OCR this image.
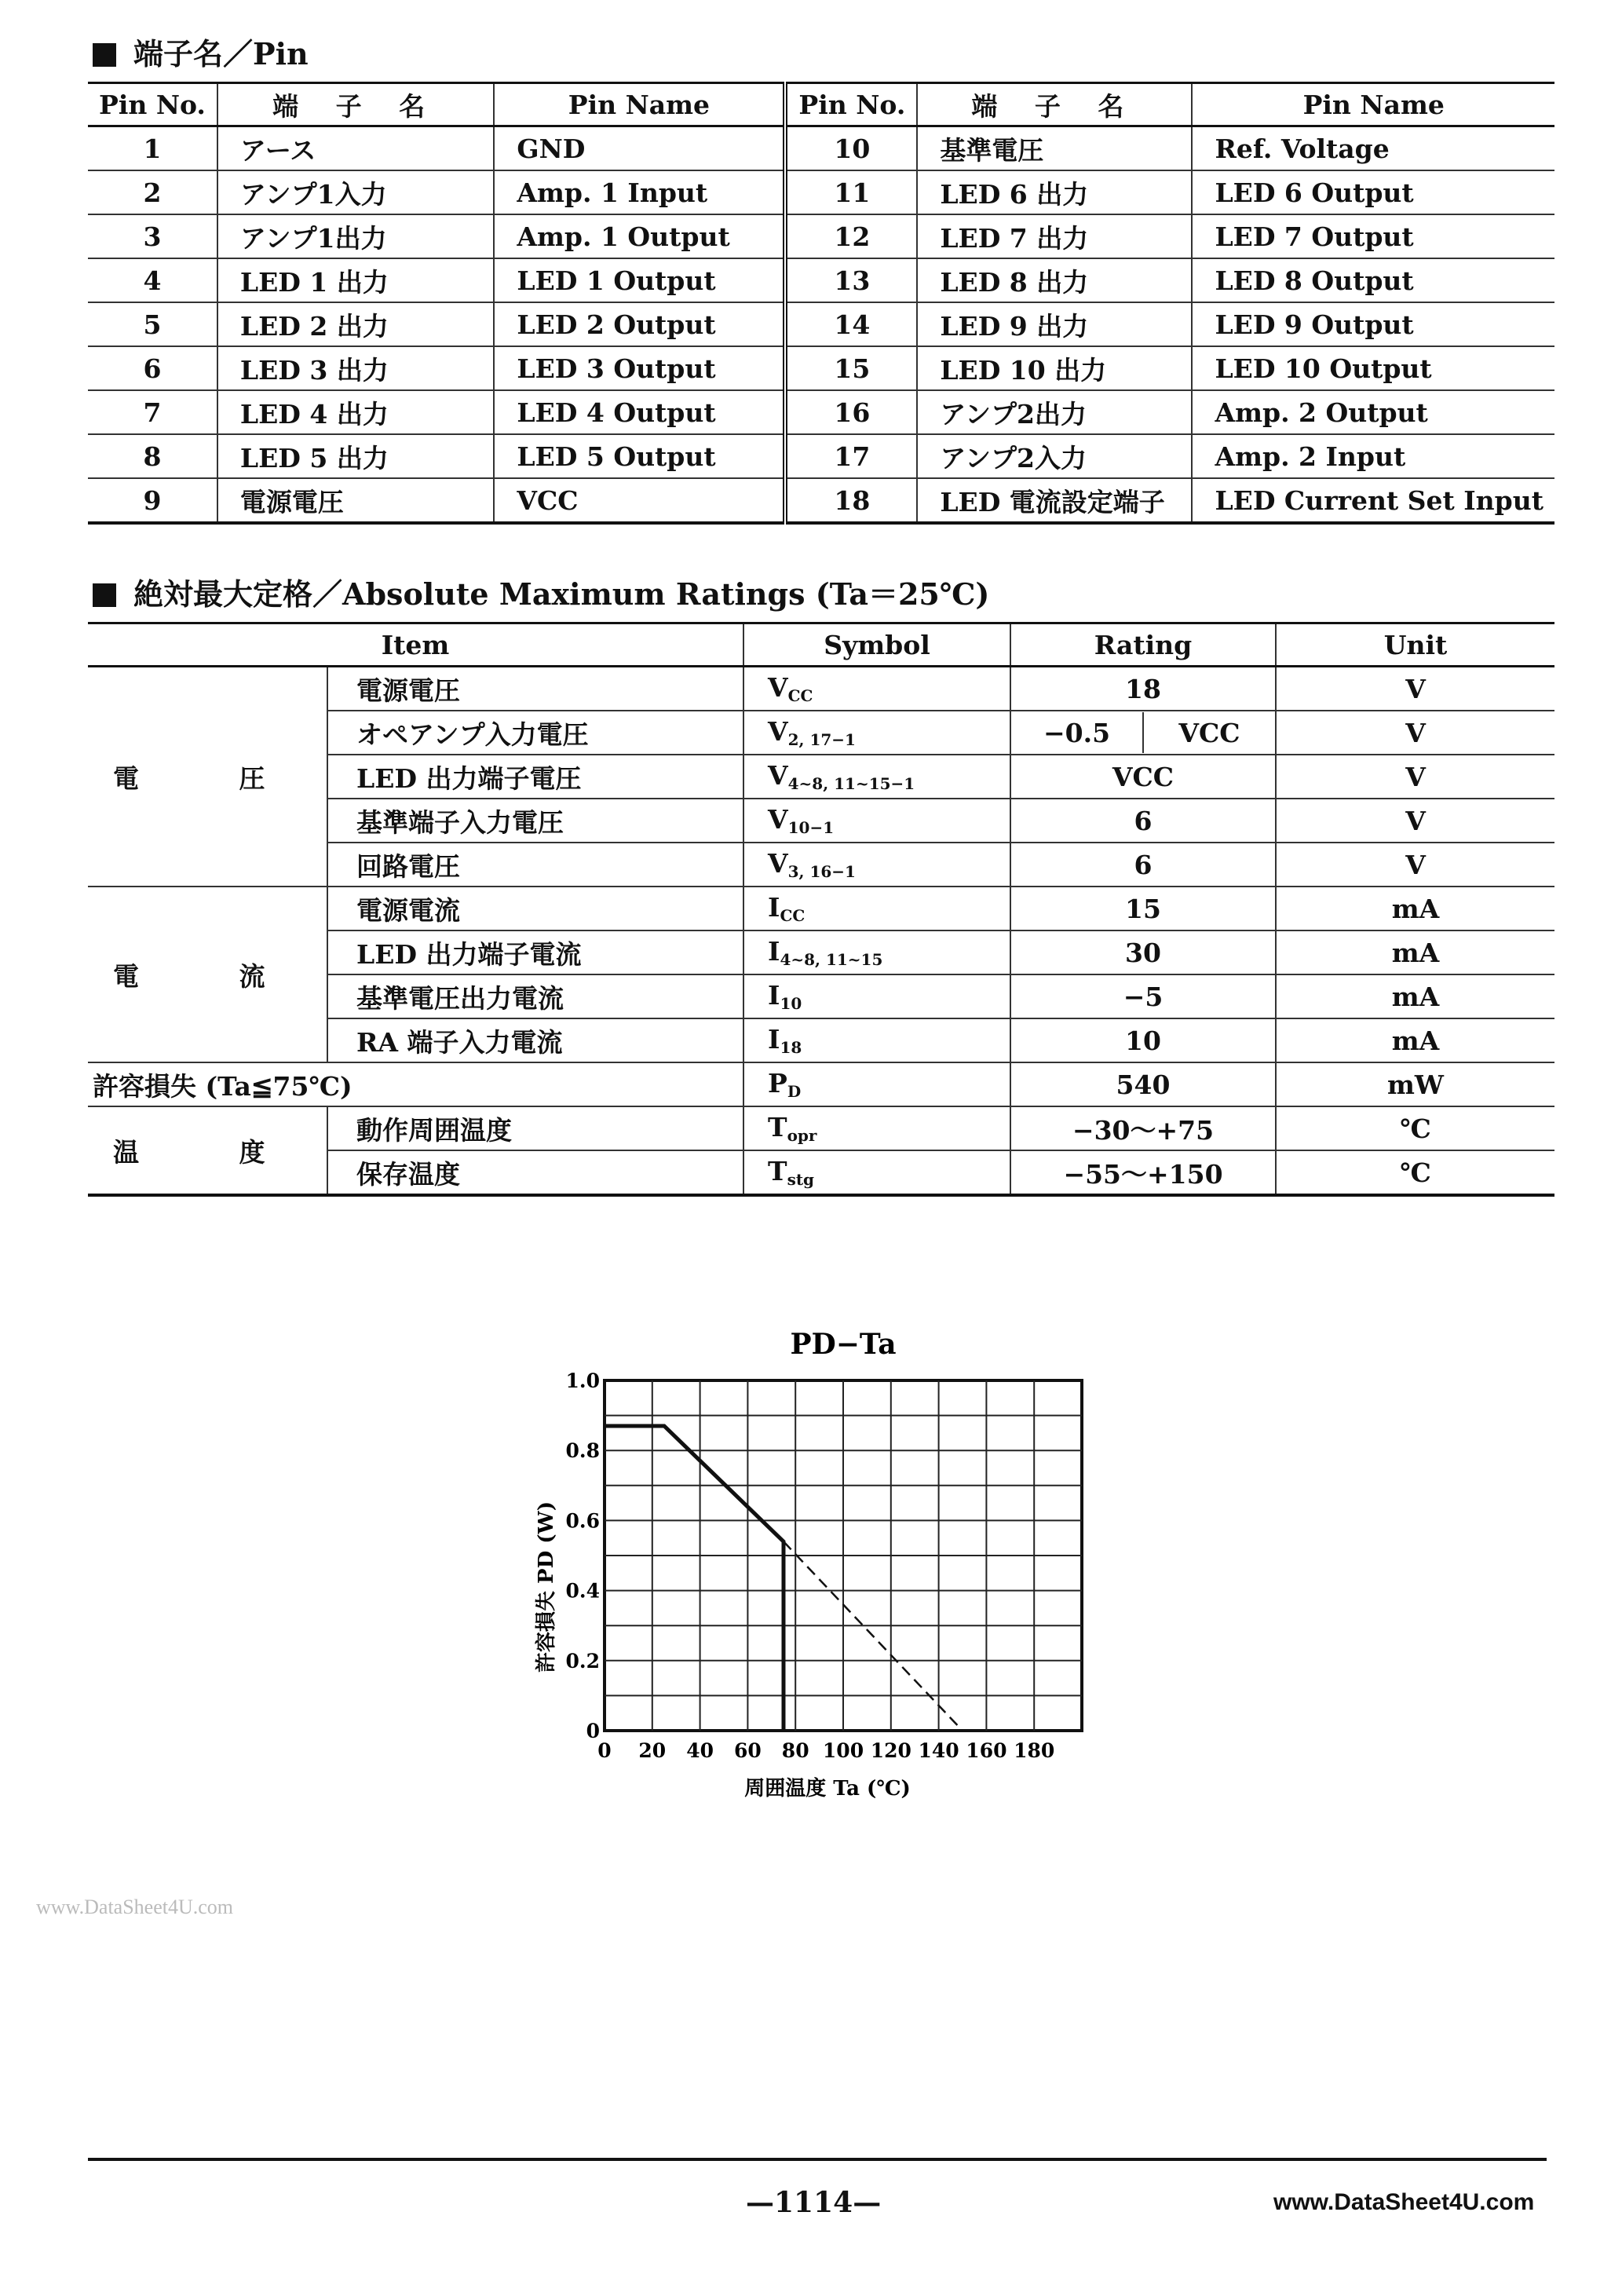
端子名／Pin
Pin No.	端 子 名	Pin Name	Pin No.	端 子 名	Pin Name
1	アース	GND	10	基準電圧	Ref. Voltage
2	アンプ1入力	Amp. 1 Input	11	LED 6 出力	LED 6 Output
3	アンプ1出力	Amp. 1 Output	12	LED 7 出力	LED 7 Output
4	LED 1 出力	LED 1 Output	13	LED 8 出力	LED 8 Output
5	LED 2 出力	LED 2 Output	14	LED 9 出力	LED 9 Output
6	LED 3 出力	LED 3 Output	15	LED 10 出力	LED 10 Output
7	LED 4 出力	LED 4 Output	16	アンプ2出力	Amp. 2 Output
8	LED 5 出力	LED 5 Output	17	アンプ2入力	Amp. 2 Input
9	電源電圧	VCC	18	LED 電流設定端子	LED Current Set Input
絶対最大定格／Absolute Maximum Ratings (Ta＝25℃)
Item		Symbol	Rating	Unit
電 圧	電源電圧	$V_{CC}$	18	V
	オペアンプ入力電圧	$V_{2, 17-1}$	−0.5 VCC	V
	LED 出力端子電圧	$V_{4\sim 8, 11\sim 15-1}$	VCC	V
	基準端子入力電圧	$V_{10-1}$	6	V
	回路電圧	$V_{3, 16-1}$	6	V
電 流	電源電流	$I_{CC}$	15	mA
	LED 出力端子電流	$I_{4\sim 8, 11\sim 15}$	30	mA
	基準電圧出力電流	$I_{10}$	−5	mA
	RA 端子入力電流	$I_{18}$	10	mA
許容損失 (Ta≦75℃)		$P_D$	540	mW
温 度	動作周囲温度	$T_{opr}$	−30～+75	℃
	保存温度	$T_{stg}$	−55～+150	℃
PD−Ta
0 20 40 60 80 100 120 140 160 180
0
0.2
0.4
0.6
0.8
1.0
周囲温度 Ta (℃)
許容損失 PD (W)
www.DataSheet4U.com
—1114—	www.DataSheet4U.com
